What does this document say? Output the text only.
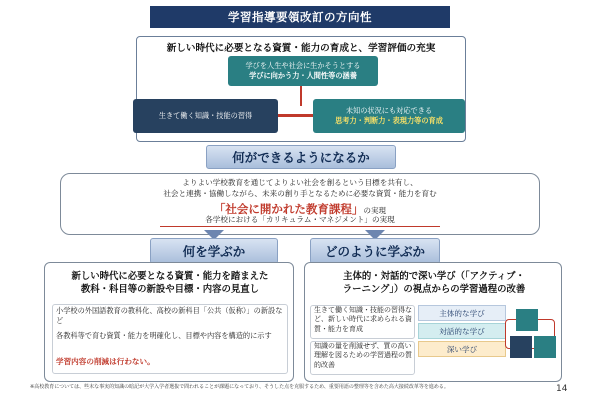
学習指導要領改訂の方向性
新しい時代に必要となる資質・能力の育成と、学習評価の充実
学びを人生や社会に生かそうとする
学びに向かう力・人間性等の涵養
生きて働く知識・技能の習得
未知の状況にも対応できる
思考力・判断力・表現力等の育成
何ができるようになるか
よりよい学校教育を通じてよりよい社会を創るという目標を共有し、
社会と連携・協働しながら、未来の創り手となるために必要な資質・能力を育む
「社会に開かれた教育課程」の実現
各学校における「カリキュラム・マネジメント」の実現
何を学ぶか	どのように学ぶか
新しい時代に必要となる資質・能力を踏まえた
教科・科目等の新設や目標・内容の見直し
小学校の外国語教育の教科化、高校の新科目「公共（仮称）」の新設など
各教科等で育む資質・能力を明確化し、目標や内容を構造的に示す
学習内容の削減は行わない。
主体的・対話的で深い学び（「アクティブ・
ラーニング」）の視点からの学習過程の改善
生きて働く知識・技能の習得など、新しい時代に求められる資質・能力を育成
知識の量を削減せず、質の高い理解を図るための学習過程の質的改善
主体的な学び
対話的な学び
深い学び
※高校教育については、些末な事実的知識の暗記が大学入学者選抜で問われることが課題になっており、そうした点を克服するため、重要用語の整理等を含めた高大接続改革等を進める。	14
